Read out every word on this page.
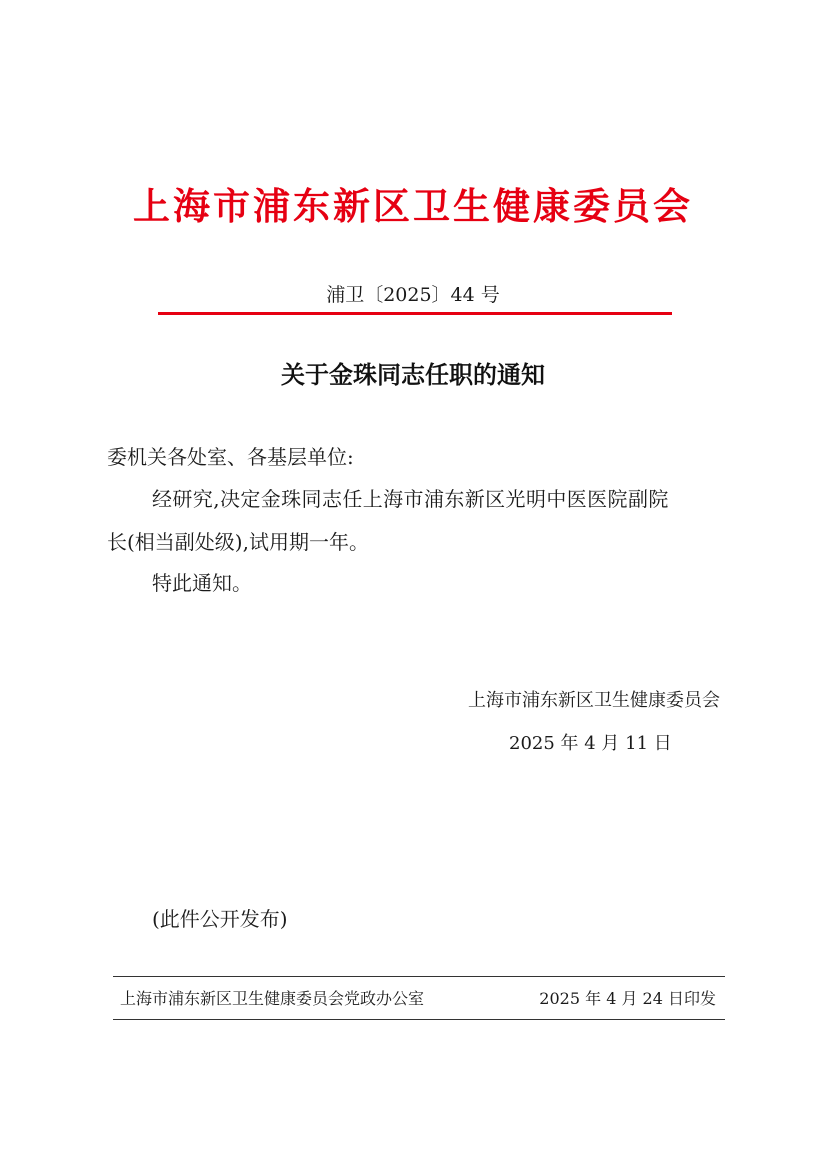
上海市浦东新区卫生健康委员会
浦卫〔2025〕44 号
关于金珠同志任职的通知
委机关各处室、各基层单位:
经研究,决定金珠同志任上海市浦东新区光明中医医院副院
长(相当副处级),试用期一年。
特此通知。
上海市浦东新区卫生健康委员会
2025 年 4 月 11 日
(此件公开发布)
上海市浦东新区卫生健康委员会党政办公室	2025 年 4 月 24 日印发
